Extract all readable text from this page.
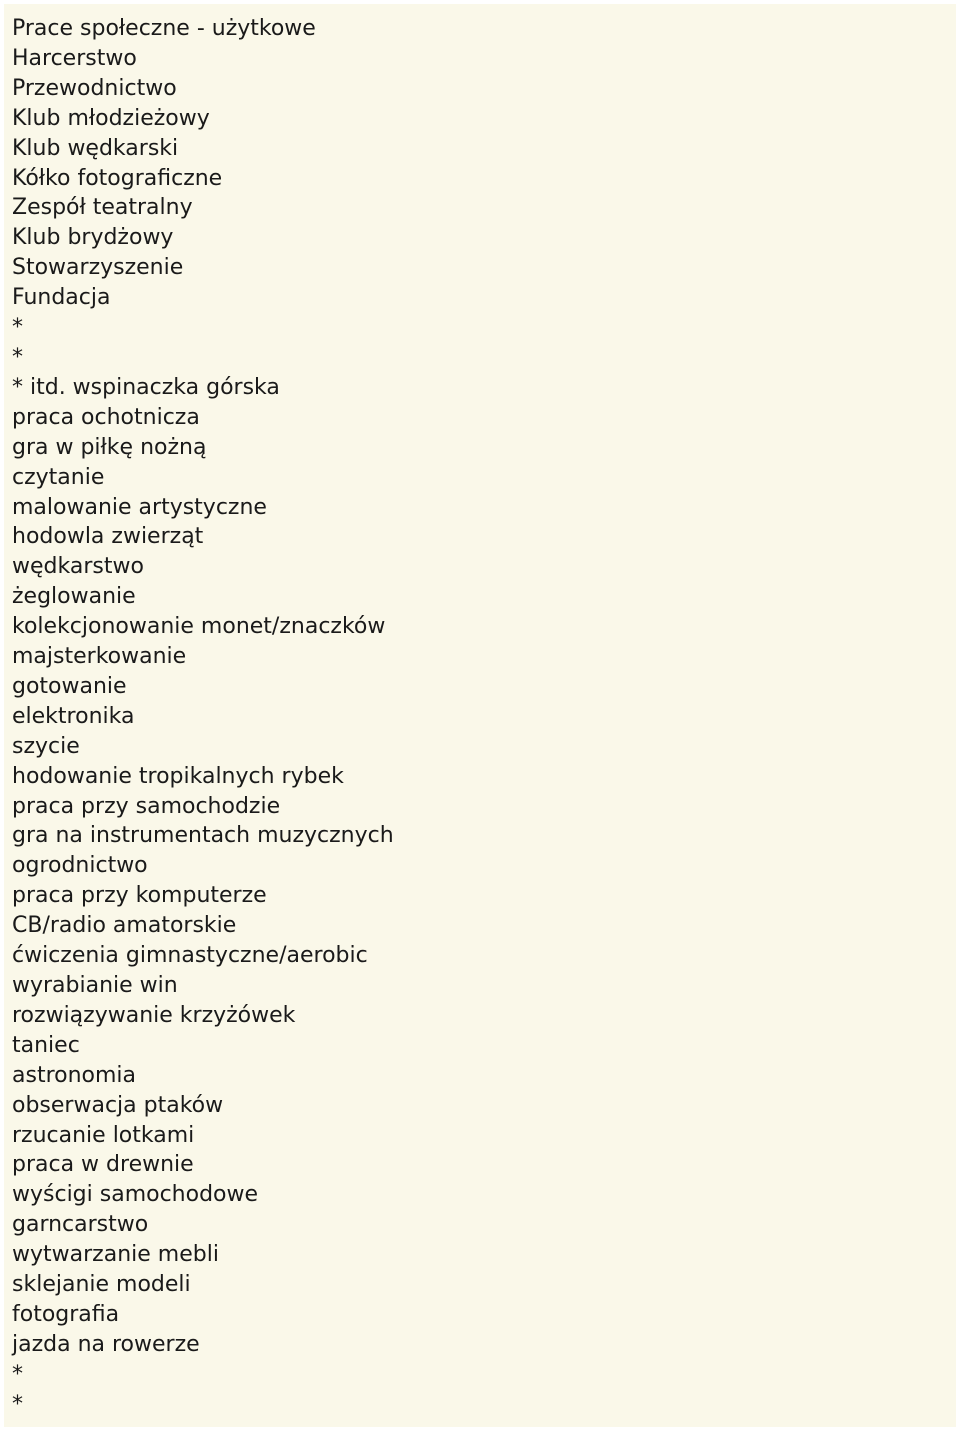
Prace społeczne - użytkowe
Harcerstwo
Przewodnictwo
Klub młodzieżowy
Klub wędkarski
Kółko fotograficzne
Zespół teatralny
Klub brydżowy
Stowarzyszenie
Fundacja
*
*
* itd. wspinaczka górska
praca ochotnicza
gra w piłkę nożną
czytanie
malowanie artystyczne
hodowla zwierząt
wędkarstwo
żeglowanie
kolekcjonowanie monet/znaczków
majsterkowanie
gotowanie
elektronika
szycie
hodowanie tropikalnych rybek
praca przy samochodzie
gra na instrumentach muzycznych
ogrodnictwo
praca przy komputerze
CB/radio amatorskie
ćwiczenia gimnastyczne/aerobic
wyrabianie win
rozwiązywanie krzyżówek
taniec
astronomia
obserwacja ptaków
rzucanie lotkami
praca w drewnie
wyścigi samochodowe
garncarstwo
wytwarzanie mebli
sklejanie modeli
fotografia
jazda na rowerze
*
*
